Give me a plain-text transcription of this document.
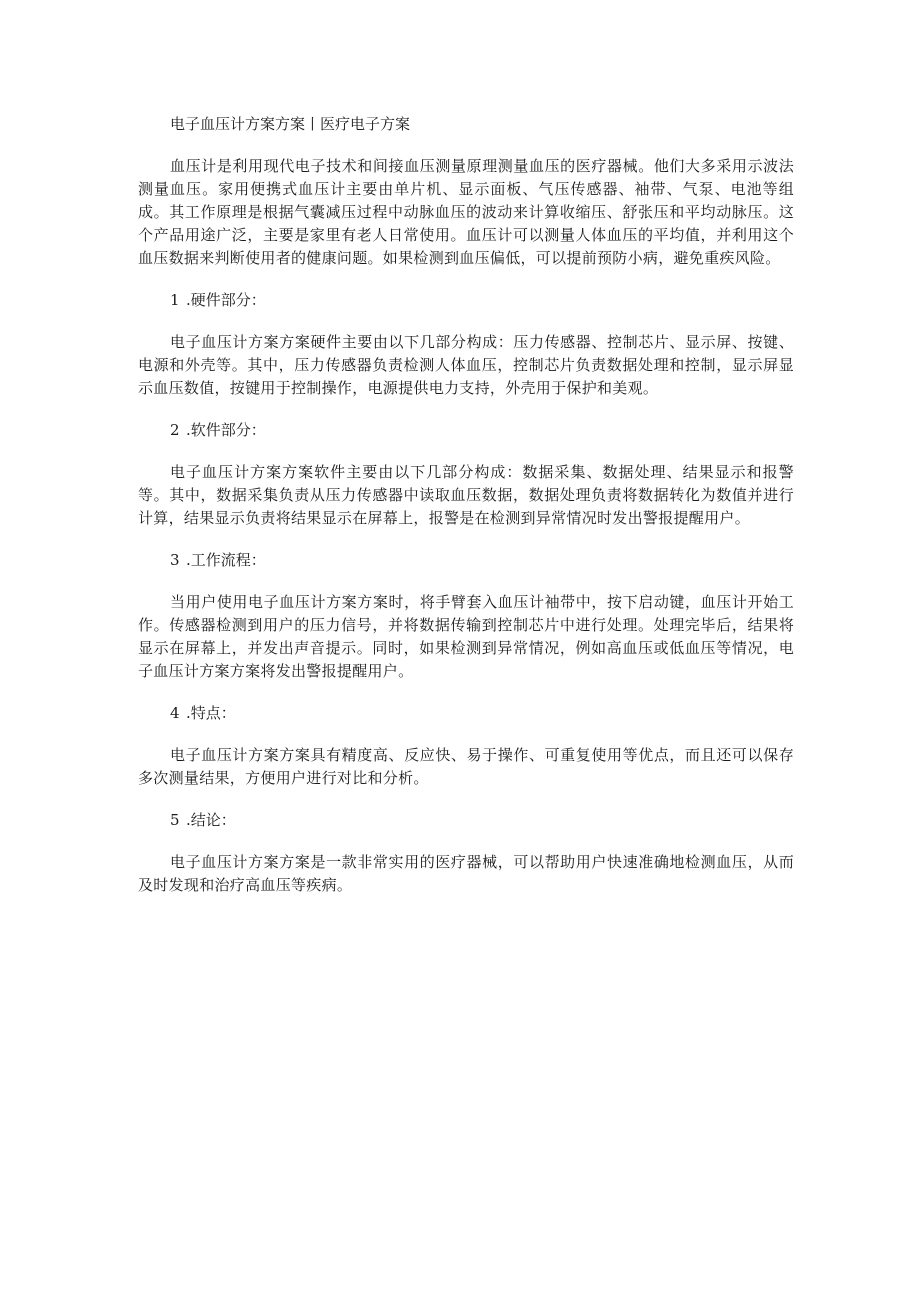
电子血压计方案方案丨医疗电子方案

血压计是利用现代电子技术和间接血压测量原理测量血压的医疗器械。他们大多采用示波法测量血压。家用便携式血压计主要由单片机、显示面板、气压传感器、袖带、气泵、电池等组成。其工作原理是根据气囊减压过程中动脉血压的波动来计算收缩压、舒张压和平均动脉压。这个产品用途广泛，主要是家里有老人日常使用。血压计可以测量人体血压的平均值，并利用这个血压数据来判断使用者的健康问题。如果检测到血压偏低，可以提前预防小病，避免重疾风险。

1 .硬件部分：

电子血压计方案方案硬件主要由以下几部分构成：压力传感器、控制芯片、显示屏、按键、电源和外壳等。其中，压力传感器负责检测人体血压，控制芯片负责数据处理和控制，显示屏显示血压数值，按键用于控制操作，电源提供电力支持，外壳用于保护和美观。

2 .软件部分：

电子血压计方案方案软件主要由以下几部分构成：数据采集、数据处理、结果显示和报警等。其中，数据采集负责从压力传感器中读取血压数据，数据处理负责将数据转化为数值并进行计算，结果显示负责将结果显示在屏幕上，报警是在检测到异常情况时发出警报提醒用户。

3 .工作流程：

当用户使用电子血压计方案方案时，将手臂套入血压计袖带中，按下启动键，血压计开始工作。传感器检测到用户的压力信号，并将数据传输到控制芯片中进行处理。处理完毕后，结果将显示在屏幕上，并发出声音提示。同时，如果检测到异常情况，例如高血压或低血压等情况，电子血压计方案方案将发出警报提醒用户。

4 .特点：

电子血压计方案方案具有精度高、反应快、易于操作、可重复使用等优点，而且还可以保存多次测量结果，方便用户进行对比和分析。

5 .结论：

电子血压计方案方案是一款非常实用的医疗器械，可以帮助用户快速准确地检测血压，从而及时发现和治疗高血压等疾病。
